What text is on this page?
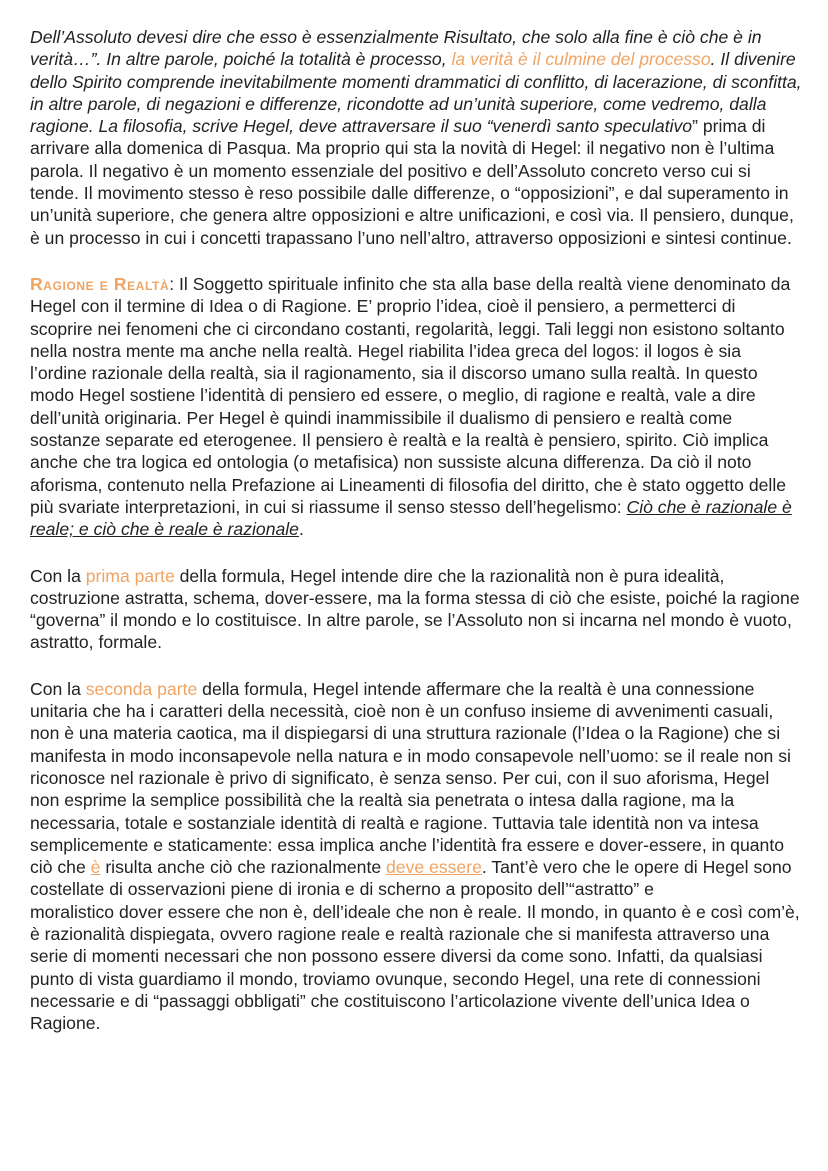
Dell’Assoluto devesi dire che esso è essenzialmente Risultato, che solo alla fine è ciò che è in verità…”. In altre parole, poiché la totalità è processo, la verità è il culmine del processo. Il divenire dello Spirito comprende inevitabilmente momenti drammatici di conflitto, di lacerazione, di sconfitta, in altre parole, di negazioni e differenze, ricondotte ad un’unità superiore, come vedremo, dalla ragione. La filosofia, scrive Hegel, deve attraversare il suo “venerdì santo speculativo” prima di arrivare alla domenica di Pasqua. Ma proprio qui sta la novità di Hegel: il negativo non è l’ultima parola. Il negativo è un momento essenziale del positivo e dell’Assoluto concreto verso cui si tende. Il movimento stesso è reso possibile dalle differenze, o “opposizioni”, e dal superamento in un’unità superiore, che genera altre opposizioni e altre unificazioni, e così via. Il pensiero, dunque, è un processo in cui i concetti trapassano l’uno nell’altro, attraverso opposizioni e sintesi continue.

Ragione e Realtà: Il Soggetto spirituale infinito che sta alla base della realtà viene denominato da Hegel con il termine di Idea o di Ragione. E’ proprio l’idea, cioè il pensiero, a permetterci di scoprire nei fenomeni che ci circondano costanti, regolarità, leggi. Tali leggi non esistono soltanto nella nostra mente ma anche nella realtà. Hegel riabilita l’idea greca del logos: il logos è sia l’ordine razionale della realtà, sia il ragionamento, sia il discorso umano sulla realtà. In questo modo Hegel sostiene l’identità di pensiero ed essere, o meglio, di ragione e realtà, vale a dire dell’unità originaria. Per Hegel è quindi inammissibile il dualismo di pensiero e realtà come sostanze separate ed eterogenee. Il pensiero è realtà e la realtà è pensiero, spirito. Ciò implica anche che tra logica ed ontologia (o metafisica) non sussiste alcuna differenza. Da ciò il noto aforisma, contenuto nella Prefazione ai Lineamenti di filosofia del diritto, che è stato oggetto delle più svariate interpretazioni, in cui si riassume il senso stesso dell’hegelismo: Ciò che è razionale è reale; e ciò che è reale è razionale.

Con la prima parte della formula, Hegel intende dire che la razionalità non è pura idealità, costruzione astratta, schema, dover-essere, ma la forma stessa di ciò che esiste, poiché la ragione “governa” il mondo e lo costituisce. In altre parole, se l’Assoluto non si incarna nel mondo è vuoto, astratto, formale.

Con la seconda parte della formula, Hegel intende affermare che la realtà è una connessione unitaria che ha i caratteri della necessità, cioè non è un confuso insieme di avvenimenti casuali, non è una materia caotica, ma il dispiegarsi di una struttura razionale (l’Idea o la Ragione) che si manifesta in modo inconsapevole nella natura e in modo consapevole nell’uomo: se il reale non si riconosce nel razionale è privo di significato, è senza senso. Per cui, con il suo aforisma, Hegel non esprime la semplice possibilità che la realtà sia penetrata o intesa dalla ragione, ma la necessaria, totale e sostanziale identità di realtà e ragione. Tuttavia tale identità non va intesa semplicemente e staticamente: essa implica anche l’identità fra essere e dover-essere, in quanto ciò che è risulta anche ciò che razionalmente deve essere. Tant’è vero che le opere di Hegel sono costellate di osservazioni piene di ironia e di scherno a proposito dell’“astratto” e
moralistico dover essere che non è, dell’ideale che non è reale. Il mondo, in quanto è e così com’è, è razionalità dispiegata, ovvero ragione reale e realtà razionale che si manifesta attraverso una serie di momenti necessari che non possono essere diversi da come sono. Infatti, da qualsiasi punto di vista guardiamo il mondo, troviamo ovunque, secondo Hegel, una rete di connessioni necessarie e di “passaggi obbligati” che costituiscono l’articolazione vivente dell’unica Idea o Ragione.
